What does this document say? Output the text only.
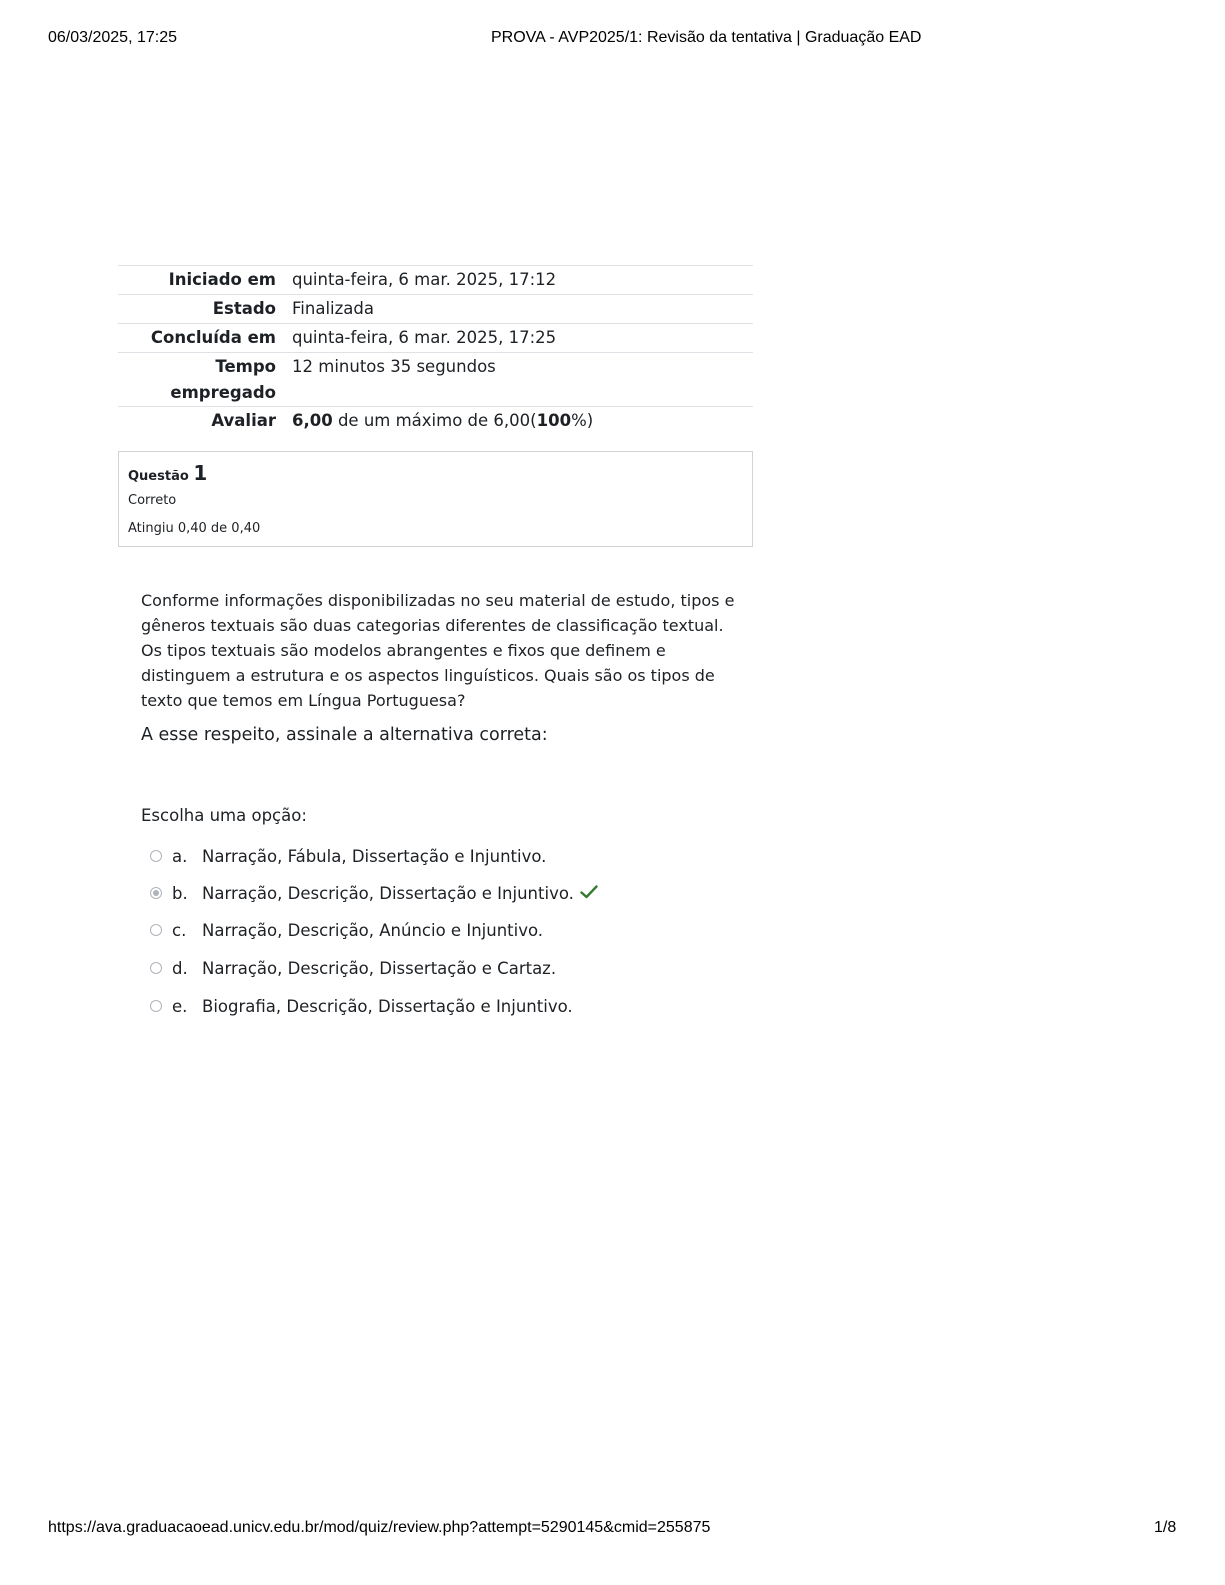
06/03/2025, 17:25	PROVA - AVP2025/1: Revisão da tentativa | Graduação EAD
Iniciado em	quinta-feira, 6 mar. 2025, 17:12
Estado	Finalizada
Concluída em	quinta-feira, 6 mar. 2025, 17:25
Tempo empregado	12 minutos 35 segundos
Avaliar	6,00 de um máximo de 6,00(100%)
Questão 1
Correto
Atingiu 0,40 de 0,40
Conforme informações disponibilizadas no seu material de estudo, tipos e gêneros textuais são duas categorias diferentes de classificação textual. Os tipos textuais são modelos abrangentes e fixos que definem e distinguem a estrutura e os aspectos linguísticos. Quais são os tipos de texto que temos em Língua Portuguesa?
A esse respeito, assinale a alternativa correta:
Escolha uma opção:
a. Narração, Fábula, Dissertação e Injuntivo.
b. Narração, Descrição, Dissertação e Injuntivo.
c. Narração, Descrição, Anúncio e Injuntivo.
d. Narração, Descrição, Dissertação e Cartaz.
e. Biografia, Descrição, Dissertação e Injuntivo.
https://ava.graduacaoead.unicv.edu.br/mod/quiz/review.php?attempt=5290145&cmid=255875	1/8
